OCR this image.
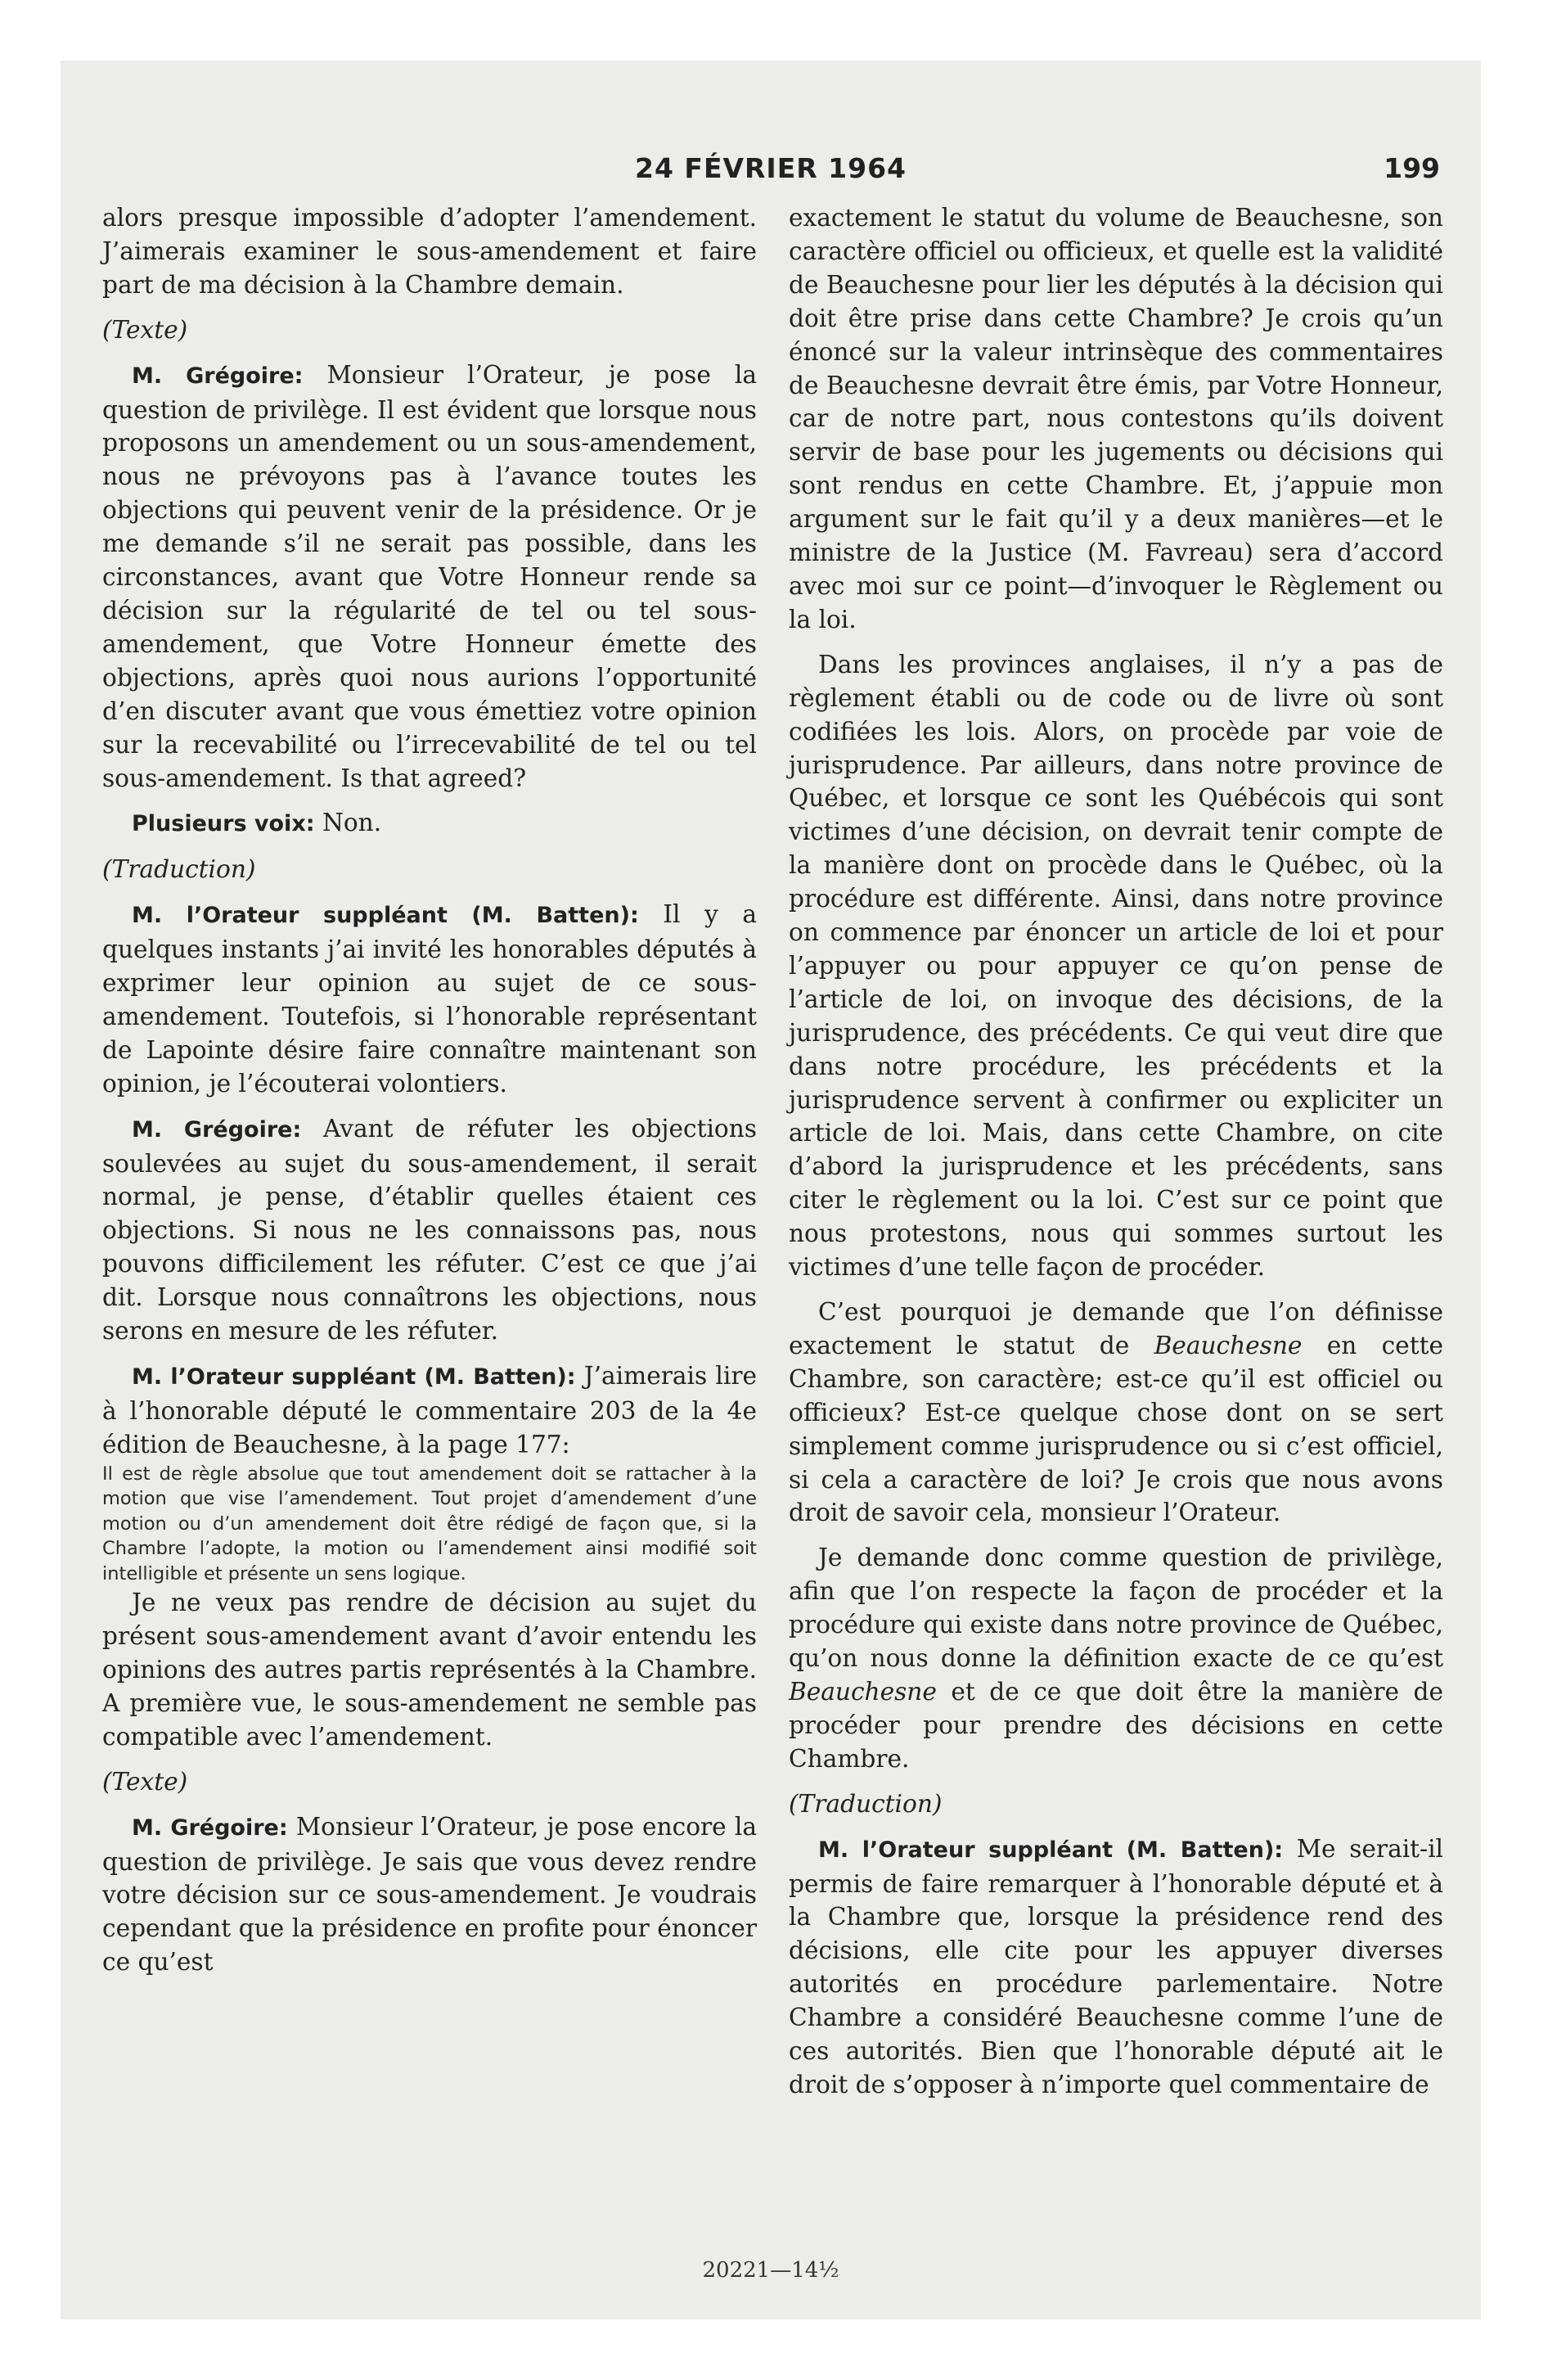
24 FÉVRIER 1964	199

alors presque impossible d’adopter l’amendement. J’aimerais examiner le sous-amendement et faire part de ma décision à la Chambre demain.

(Texte)

M. Grégoire: Monsieur l’Orateur, je pose la question de privilège. Il est évident que lorsque nous proposons un amendement ou un sous-amendement, nous ne prévoyons pas à l’avance toutes les objections qui peuvent venir de la présidence. Or je me demande s’il ne serait pas possible, dans les circonstances, avant que Votre Honneur rende sa décision sur la régularité de tel ou tel sous-amendement, que Votre Honneur émette des objections, après quoi nous aurions l’opportunité d’en discuter avant que vous émettiez votre opinion sur la recevabilité ou l’irrecevabilité de tel ou tel sous-amendement. Is that agreed?

Plusieurs voix: Non.

(Traduction)

M. l’Orateur suppléant (M. Batten): Il y a quelques instants j’ai invité les honorables députés à exprimer leur opinion au sujet de ce sous-amendement. Toutefois, si l’honorable représentant de Lapointe désire faire connaître maintenant son opinion, je l’écouterai volontiers.

M. Grégoire: Avant de réfuter les objections soulevées au sujet du sous-amendement, il serait normal, je pense, d’établir quelles étaient ces objections. Si nous ne les connaissons pas, nous pouvons difficilement les réfuter. C’est ce que j’ai dit. Lorsque nous connaîtrons les objections, nous serons en mesure de les réfuter.

M. l’Orateur suppléant (M. Batten): J’aimerais lire à l’honorable député le commentaire 203 de la 4e édition de Beauchesne, à la page 177:

Il est de règle absolue que tout amendement doit se rattacher à la motion que vise l’amendement. Tout projet d’amendement d’une motion ou d’un amendement doit être rédigé de façon que, si la Chambre l’adopte, la motion ou l’amendement ainsi modifié soit intelligible et présente un sens logique.

Je ne veux pas rendre de décision au sujet du présent sous-amendement avant d’avoir entendu les opinions des autres partis représentés à la Chambre. A première vue, le sous-amendement ne semble pas compatible avec l’amendement.

(Texte)

M. Grégoire: Monsieur l’Orateur, je pose encore la question de privilège. Je sais que vous devez rendre votre décision sur ce sous-amendement. Je voudrais cependant que la présidence en profite pour énoncer ce qu’est

exactement le statut du volume de Beauchesne, son caractère officiel ou officieux, et quelle est la validité de Beauchesne pour lier les députés à la décision qui doit être prise dans cette Chambre? Je crois qu’un énoncé sur la valeur intrinsèque des commentaires de Beauchesne devrait être émis, par Votre Honneur, car de notre part, nous contestons qu’ils doivent servir de base pour les jugements ou décisions qui sont rendus en cette Chambre. Et, j’appuie mon argument sur le fait qu’il y a deux manières—et le ministre de la Justice (M. Favreau) sera d’accord avec moi sur ce point—d’invoquer le Règlement ou la loi.

Dans les provinces anglaises, il n’y a pas de règlement établi ou de code ou de livre où sont codifiées les lois. Alors, on procède par voie de jurisprudence. Par ailleurs, dans notre province de Québec, et lorsque ce sont les Québécois qui sont victimes d’une décision, on devrait tenir compte de la manière dont on procède dans le Québec, où la procédure est différente. Ainsi, dans notre province on commence par énoncer un article de loi et pour l’appuyer ou pour appuyer ce qu’on pense de l’article de loi, on invoque des décisions, de la jurisprudence, des précédents. Ce qui veut dire que dans notre procédure, les précédents et la jurisprudence servent à confirmer ou expliciter un article de loi. Mais, dans cette Chambre, on cite d’abord la jurisprudence et les précédents, sans citer le règlement ou la loi. C’est sur ce point que nous protestons, nous qui sommes surtout les victimes d’une telle façon de procéder.

C’est pourquoi je demande que l’on définisse exactement le statut de Beauchesne en cette Chambre, son caractère; est-ce qu’il est officiel ou officieux? Est-ce quelque chose dont on se sert simplement comme jurisprudence ou si c’est officiel, si cela a caractère de loi? Je crois que nous avons droit de savoir cela, monsieur l’Orateur.

Je demande donc comme question de privilège, afin que l’on respecte la façon de procéder et la procédure qui existe dans notre province de Québec, qu’on nous donne la définition exacte de ce qu’est Beauchesne et de ce que doit être la manière de procéder pour prendre des décisions en cette Chambre.

(Traduction)

M. l’Orateur suppléant (M. Batten): Me serait-il permis de faire remarquer à l’honorable député et à la Chambre que, lorsque la présidence rend des décisions, elle cite pour les appuyer diverses autorités en procédure parlementaire. Notre Chambre a considéré Beauchesne comme l’une de ces autorités. Bien que l’honorable député ait le droit de s’opposer à n’importe quel commentaire de

20221—14½
